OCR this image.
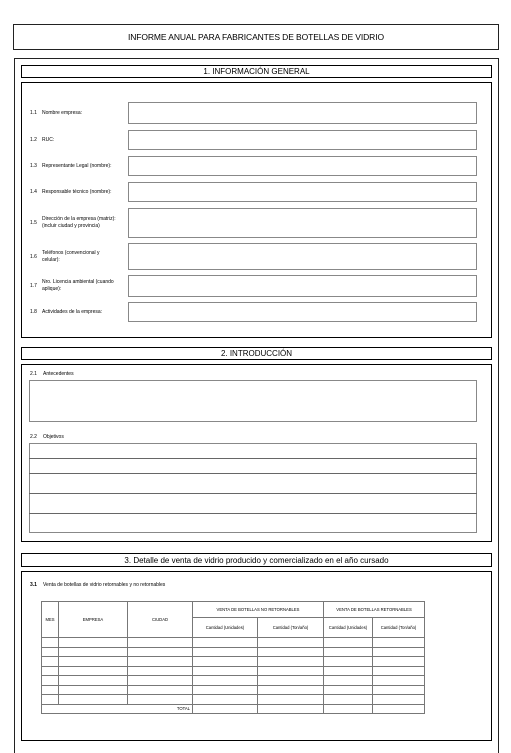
INFORME ANUAL PARA FABRICANTES DE BOTELLAS DE VIDRIO
1. INFORMACIÓN GENERAL
1.1 Nombre empresa:
1.2 RUC:
1.3 Representante Legal (nombre):
1.4 Responsable técnico (nombre):
1.5
Dirección de la empresa (matriz):
(incluir ciudad y provincia)
1.6
Teléfonos (convencional y
celular):
1.7
Nro. Licencia ambiental (cuando
aplique):
1.8 Actividades de la empresa:
2. INTRODUCCIÓN
2.1 Antecedentes
2.2 Objetivos
3. Detalle de venta de vidrio producido y comercializado en el año cursado
3.1 Venta de botellas de vidrio retornables y no retornables
MES	EMPRESA	CIUDAD	VENTA DE BOTELLAS NO RETORNABLES		VENTA DE BOTELLAS RETORNABLES	
			Cantidad (Unidades)	Cantidad (Ton/año)	Cantidad (Unidades)	Cantidad (Ton/año)

TOTAL						
